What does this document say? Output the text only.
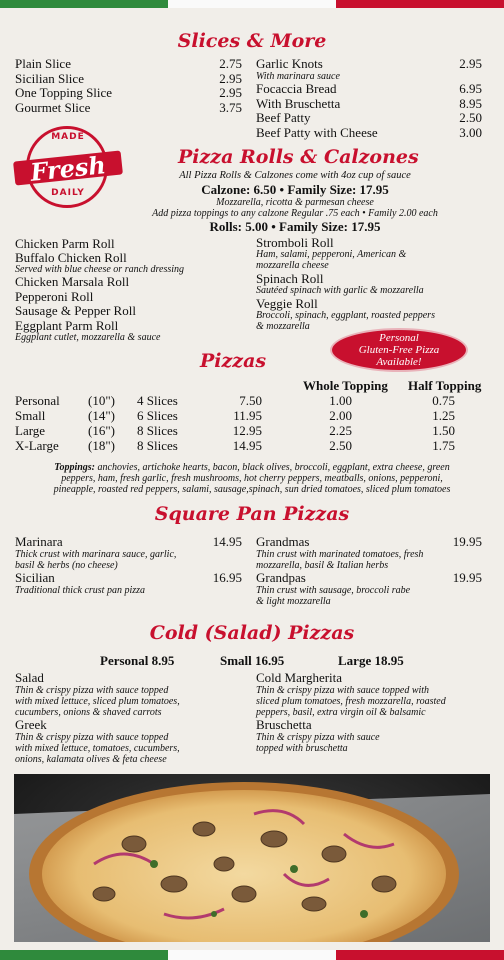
Slices & More
Plain Slice	2.75
Sicilian Slice	2.95
One Topping Slice	2.95
Gourmet Slice	3.75
Garlic Knots	2.95
With marinara sauce
Focaccia Bread	6.95
With Bruschetta	8.95
Beef Patty	2.50
Beef Patty with Cheese	3.00
MADE
Fresh
DAILY
Pizza Rolls & Calzones
All Pizza Rolls & Calzones come with 4oz cup of sauce
Calzone: 6.50 • Family Size: 17.95
Mozzarella, ricotta & parmesan cheese
Add pizza toppings to any calzone Regular .75 each • Family 2.00 each
Rolls: 5.00 • Family Size: 17.95
Chicken Parm Roll
Buffalo Chicken Roll
Served with blue cheese or ranch dressing
Chicken Marsala Roll
Pepperoni Roll
Sausage & Pepper Roll
Eggplant Parm Roll
Eggplant cutlet, mozzarella & sauce
Stromboli Roll
Ham, salami, pepperoni, American &
mozzarella cheese
Spinach Roll
Sautéed spinach with garlic & mozzarella
Veggie Roll
Broccoli, spinach, eggplant, roasted peppers
& mozzarella
Personal
Gluten-Free Pizza
Available!
Pizzas
Whole Topping Half Topping
Personal (10") 4 Slices	7.50	1.00	0.75
Small	(14") 6 Slices	11.95	2.00	1.25
Large	(16") 8 Slices	12.95	2.25	1.50
X-Large (18") 8 Slices	14.95	2.50	1.75
Toppings: anchovies, artichoke hearts, bacon, black olives, broccoli, eggplant, extra cheese, green
peppers, ham, fresh garlic, fresh mushrooms, hot cherry peppers, meatballs, onions, pepperoni,
pineapple, roasted red peppers, salami, sausage,spinach, sun dried tomatoes, sliced plum tomatoes
Square Pan Pizzas
Marinara	14.95
Thick crust with marinara sauce, garlic,
basil & herbs (no cheese)
Sicilian	16.95
Traditional thick crust pan pizza
Grandmas	19.95
Thin crust with marinated tomatoes, fresh
mozzarella, basil & Italian herbs
Grandpas	19.95
Thin crust with sausage, broccoli rabe
& light mozzarella
Cold (Salad) Pizzas
Personal 8.95	Small 16.95	Large 18.95
Salad
Thin & crispy pizza with sauce topped
with mixed lettuce, sliced plum tomatoes,
cucumbers, onions & shaved carrots
Greek
Thin & crispy pizza with sauce topped
with mixed lettuce, tomatoes, cucumbers,
onions, kalamata olives & feta cheese
Cold Margherita
Thin & crispy pizza with sauce topped with
sliced plum tomatoes, fresh mozzarella, roasted
peppers, basil, extra virgin oil & balsamic
Bruschetta
Thin & crispy pizza with sauce
topped with bruschetta
